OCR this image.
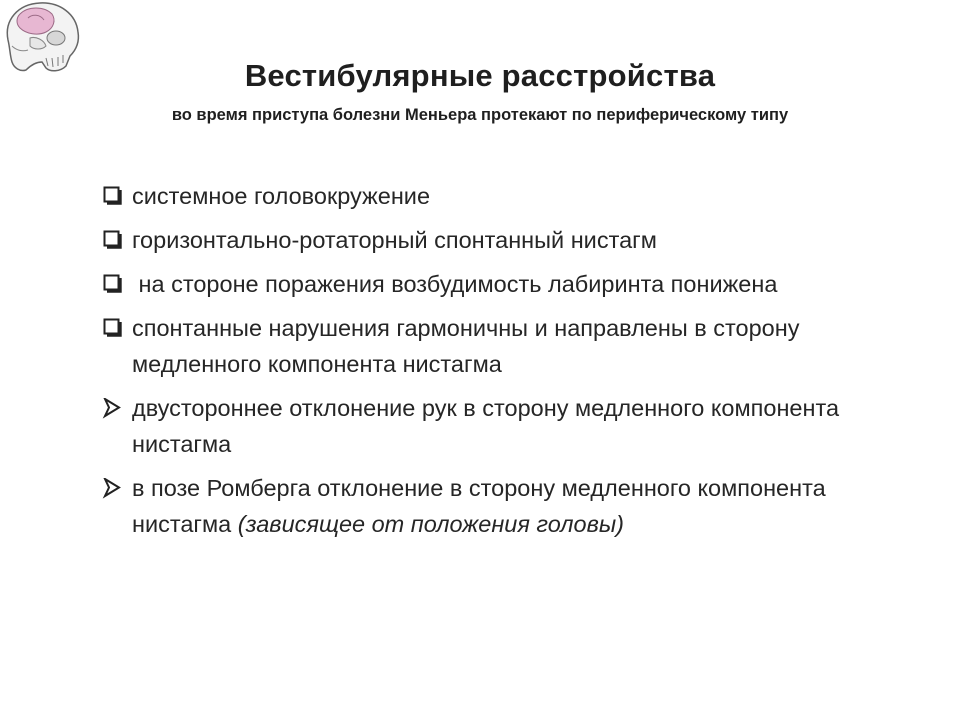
Вестибулярные расстройства
во время приступа болезни Меньера протекают по периферическому типу
системное головокружение
горизонтально-ротаторный спонтанный нистагм
на стороне поражения возбудимость лабиринта понижена
спонтанные нарушения гармоничны и направлены в сторону медленного компонента нистагма
двустороннее отклонение рук в сторону медленного компонента нистагма
в позе Ромберга отклонение в сторону медленного компонента нистагма (зависящее от положения головы)
